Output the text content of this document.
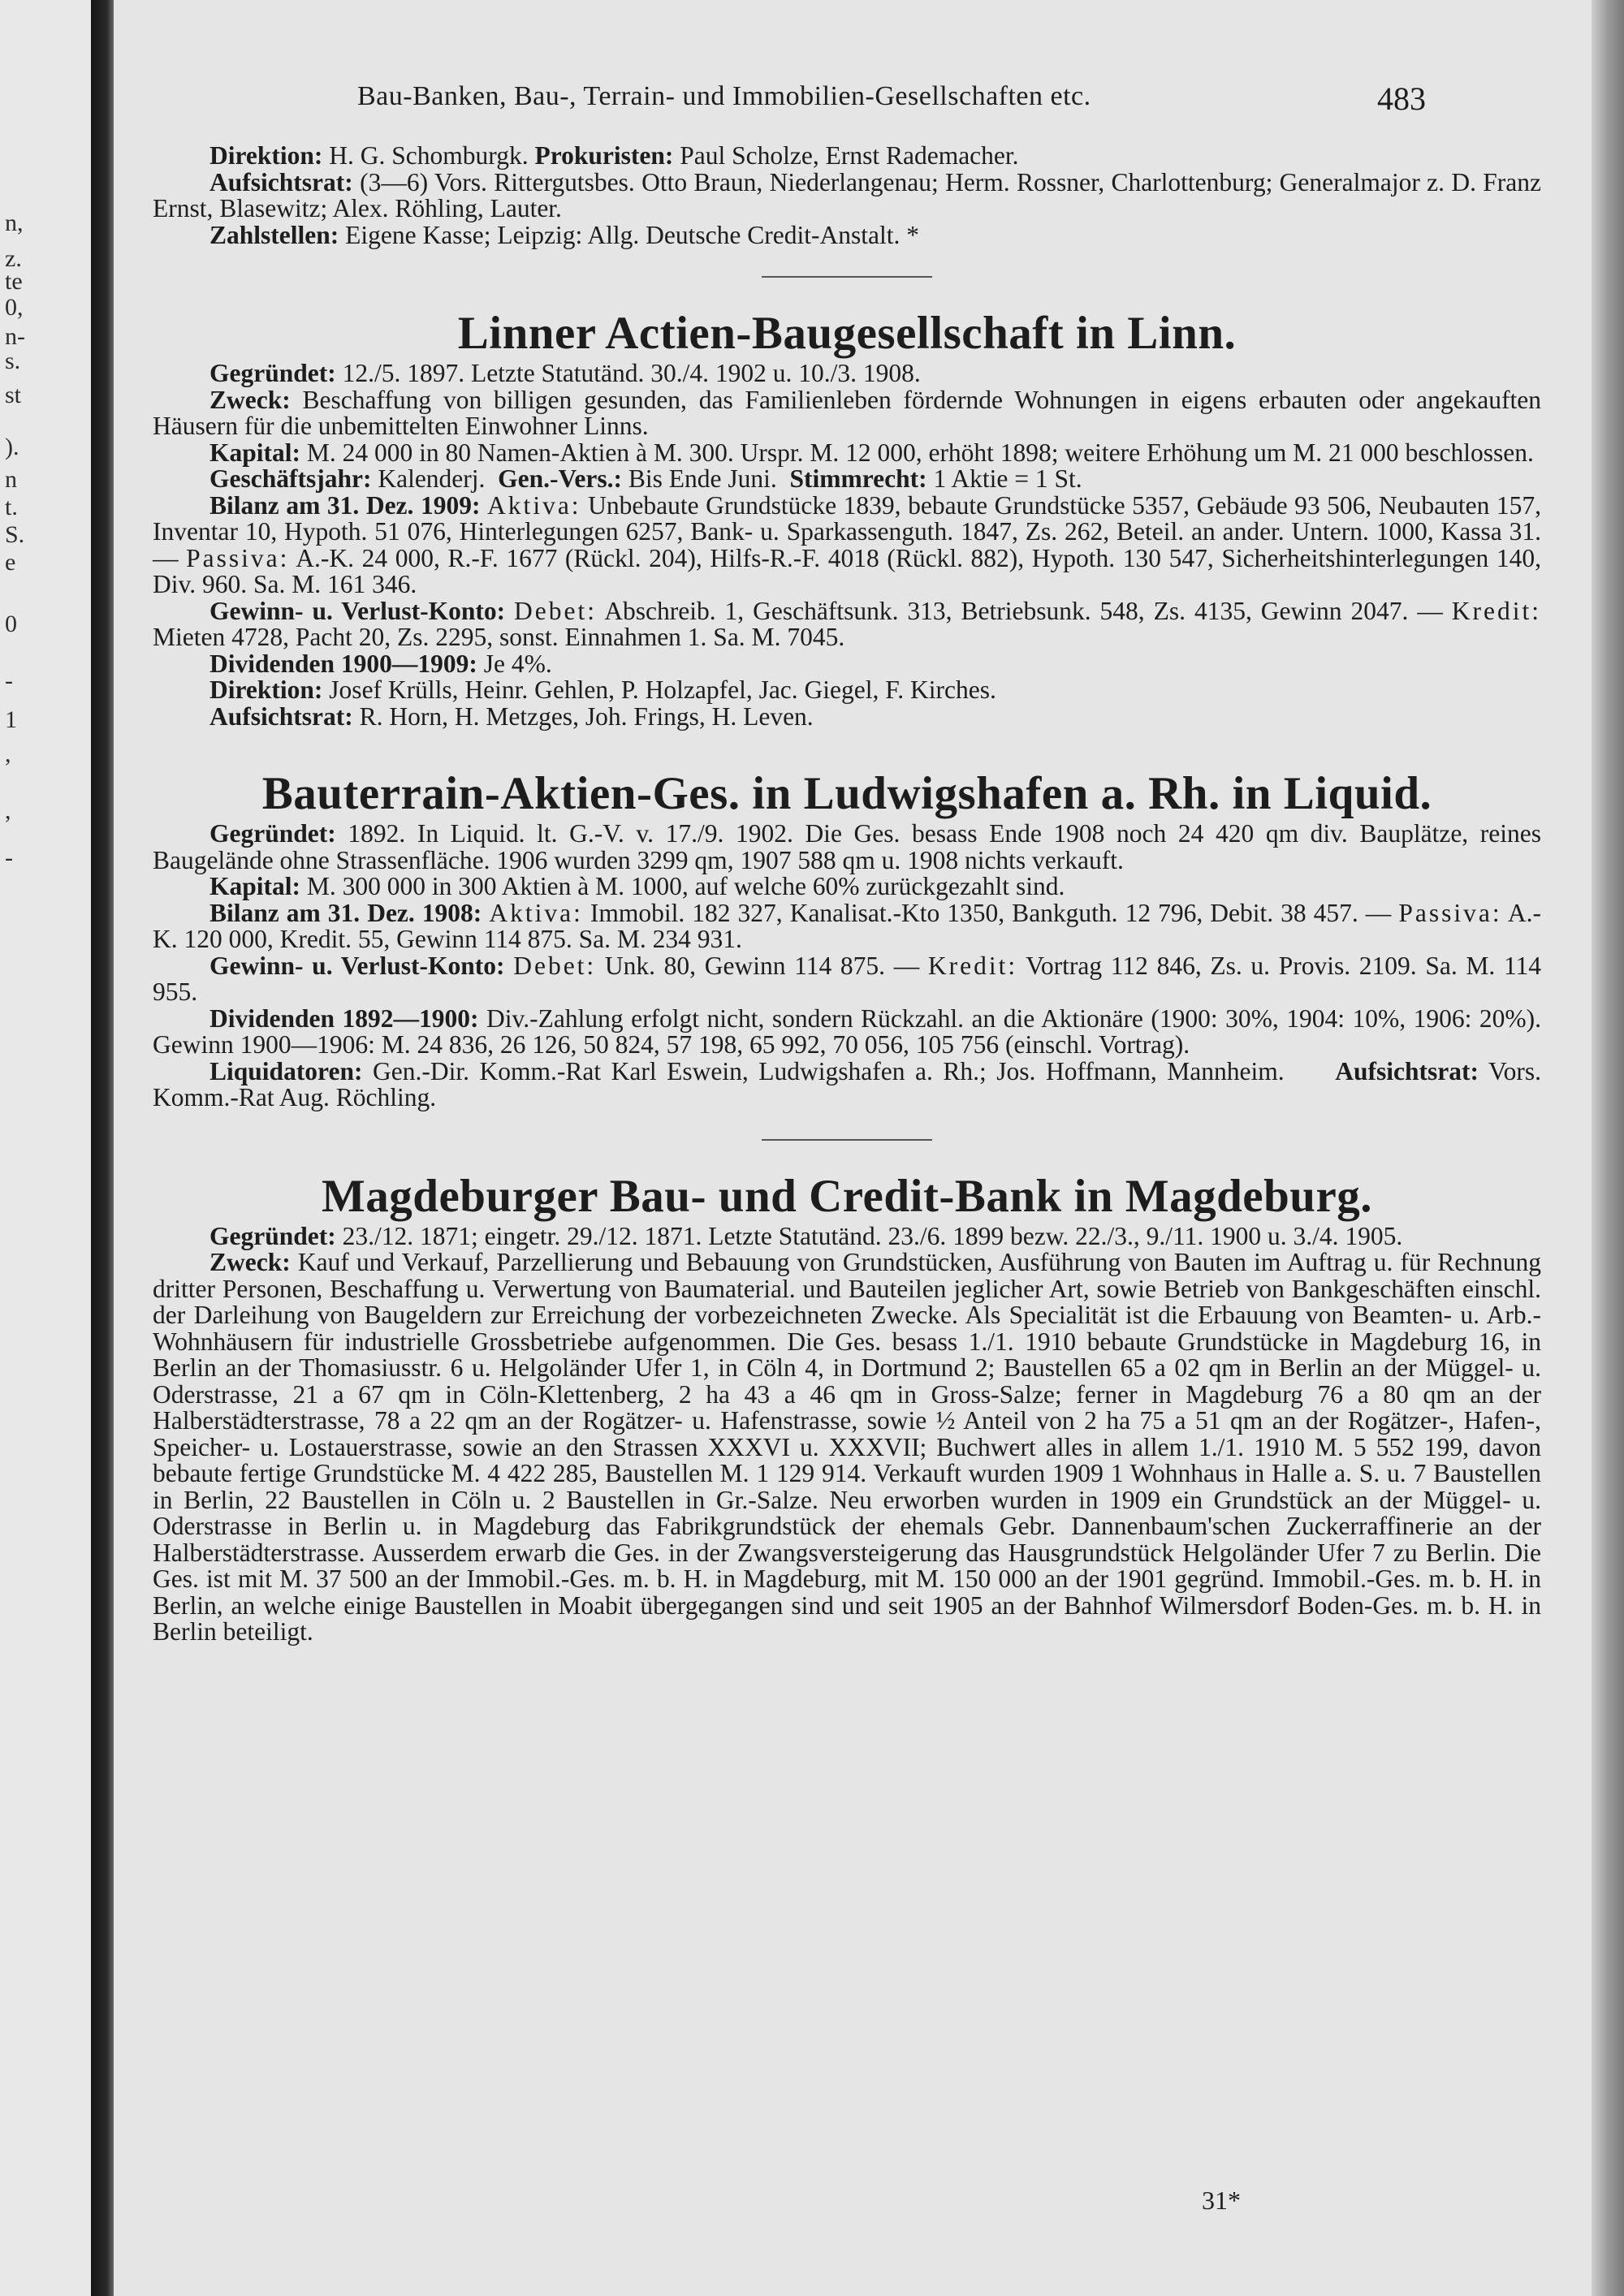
n,
z.
te
0,
n-
s.
st
).
n
t.
S.
e
0
-
1
,
,
-
Bau-Banken, Bau-, Terrain- und Immobilien-Gesellschaften etc.	483

Direktion: H. G. Schomburgk. Prokuristen: Paul Scholze, Ernst Rademacher.

Aufsichtsrat: (3—6) Vors. Rittergutsbes. Otto Braun, Niederlangenau; Herm. Rossner, Charlottenburg; Generalmajor z. D. Franz Ernst, Blasewitz; Alex. Röhling, Lauter.

Zahlstellen: Eigene Kasse; Leipzig: Allg. Deutsche Credit-Anstalt. *

Linner Actien-Baugesellschaft in Linn.

Gegründet: 12./5. 1897. Letzte Statutänd. 30./4. 1902 u. 10./3. 1908.

Zweck: Beschaffung von billigen gesunden, das Familienleben fördernde Wohnungen in eigens erbauten oder angekauften Häusern für die unbemittelten Einwohner Linns.

Kapital: M. 24 000 in 80 Namen-Aktien à M. 300. Urspr. M. 12 000, erhöht 1898; weitere Erhöhung um M. 21 000 beschlossen.

Geschäftsjahr: Kalenderj. Gen.-Vers.: Bis Ende Juni. Stimmrecht: 1 Aktie = 1 St.

Bilanz am 31. Dez. 1909: Aktiva: Unbebaute Grundstücke 1839, bebaute Grundstücke 5357, Gebäude 93 506, Neubauten 157, Inventar 10, Hypoth. 51 076, Hinterlegungen 6257, Bank- u. Sparkassenguth. 1847, Zs. 262, Beteil. an ander. Untern. 1000, Kassa 31. — Passiva: A.-K. 24 000, R.-F. 1677 (Rückl. 204), Hilfs-R.-F. 4018 (Rückl. 882), Hypoth. 130 547, Sicherheitshinterlegungen 140, Div. 960. Sa. M. 161 346.

Gewinn- u. Verlust-Konto: Debet: Abschreib. 1, Geschäftsunk. 313, Betriebsunk. 548, Zs. 4135, Gewinn 2047. — Kredit: Mieten 4728, Pacht 20, Zs. 2295, sonst. Einnahmen 1. Sa. M. 7045.

Dividenden 1900—1909: Je 4%.

Direktion: Josef Krülls, Heinr. Gehlen, P. Holzapfel, Jac. Giegel, F. Kirches.

Aufsichtsrat: R. Horn, H. Metzges, Joh. Frings, H. Leven.

Bauterrain-Aktien-Ges. in Ludwigshafen a. Rh. in Liquid.

Gegründet: 1892. In Liquid. lt. G.-V. v. 17./9. 1902. Die Ges. besass Ende 1908 noch 24 420 qm div. Bauplätze, reines Baugelände ohne Strassenfläche. 1906 wurden 3299 qm, 1907 588 qm u. 1908 nichts verkauft.

Kapital: M. 300 000 in 300 Aktien à M. 1000, auf welche 60% zurückgezahlt sind.

Bilanz am 31. Dez. 1908: Aktiva: Immobil. 182 327, Kanalisat.-Kto 1350, Bankguth. 12 796, Debit. 38 457. — Passiva: A.-K. 120 000, Kredit. 55, Gewinn 114 875. Sa. M. 234 931.

Gewinn- u. Verlust-Konto: Debet: Unk. 80, Gewinn 114 875. — Kredit: Vortrag 112 846, Zs. u. Provis. 2109. Sa. M. 114 955.

Dividenden 1892—1900: Div.-Zahlung erfolgt nicht, sondern Rückzahl. an die Aktionäre (1900: 30%, 1904: 10%, 1906: 20%). Gewinn 1900—1906: M. 24 836, 26 126, 50 824, 57 198, 65 992, 70 056, 105 756 (einschl. Vortrag).

Liquidatoren: Gen.-Dir. Komm.-Rat Karl Eswein, Ludwigshafen a. Rh.; Jos. Hoffmann, Mannheim. Aufsichtsrat: Vors. Komm.-Rat Aug. Röchling.

Magdeburger Bau- und Credit-Bank in Magdeburg.

Gegründet: 23./12. 1871; eingetr. 29./12. 1871. Letzte Statutänd. 23./6. 1899 bezw. 22./3., 9./11. 1900 u. 3./4. 1905.

Zweck: Kauf und Verkauf, Parzellierung und Bebauung von Grundstücken, Ausführung von Bauten im Auftrag u. für Rechnung dritter Personen, Beschaffung u. Verwertung von Baumaterial. und Bauteilen jeglicher Art, sowie Betrieb von Bankgeschäften einschl. der Darleihung von Baugeldern zur Erreichung der vorbezeichneten Zwecke. Als Specialität ist die Erbauung von Beamten- u. Arb.-Wohnhäusern für industrielle Grossbetriebe aufgenommen. Die Ges. besass 1./1. 1910 bebaute Grundstücke in Magdeburg 16, in Berlin an der Thomasiusstr. 6 u. Helgoländer Ufer 1, in Cöln 4, in Dortmund 2; Baustellen 65 a 02 qm in Berlin an der Müggel- u. Oderstrasse, 21 a 67 qm in Cöln-Klettenberg, 2 ha 43 a 46 qm in Gross-Salze; ferner in Magdeburg 76 a 80 qm an der Halberstädterstrasse, 78 a 22 qm an der Rogätzer- u. Hafenstrasse, sowie ½ Anteil von 2 ha 75 a 51 qm an der Rogätzer-, Hafen-, Speicher- u. Lostauerstrasse, sowie an den Strassen XXXVI u. XXXVII; Buchwert alles in allem 1./1. 1910 M. 5 552 199, davon bebaute fertige Grundstücke M. 4 422 285, Baustellen M. 1 129 914. Verkauft wurden 1909 1 Wohnhaus in Halle a. S. u. 7 Baustellen in Berlin, 22 Baustellen in Cöln u. 2 Baustellen in Gr.-Salze. Neu erworben wurden in 1909 ein Grundstück an der Müggel- u. Oderstrasse in Berlin u. in Magdeburg das Fabrikgrundstück der ehemals Gebr. Dannenbaum'schen Zuckerraffinerie an der Halberstädterstrasse. Ausserdem erwarb die Ges. in der Zwangsversteigerung das Hausgrundstück Helgoländer Ufer 7 zu Berlin. Die Ges. ist mit M. 37 500 an der Immobil.-Ges. m. b. H. in Magdeburg, mit M. 150 000 an der 1901 gegründ. Immobil.-Ges. m. b. H. in Berlin, an welche einige Baustellen in Moabit übergegangen sind und seit 1905 an der Bahnhof Wilmersdorf Boden-Ges. m. b. H. in Berlin beteiligt.

31*
